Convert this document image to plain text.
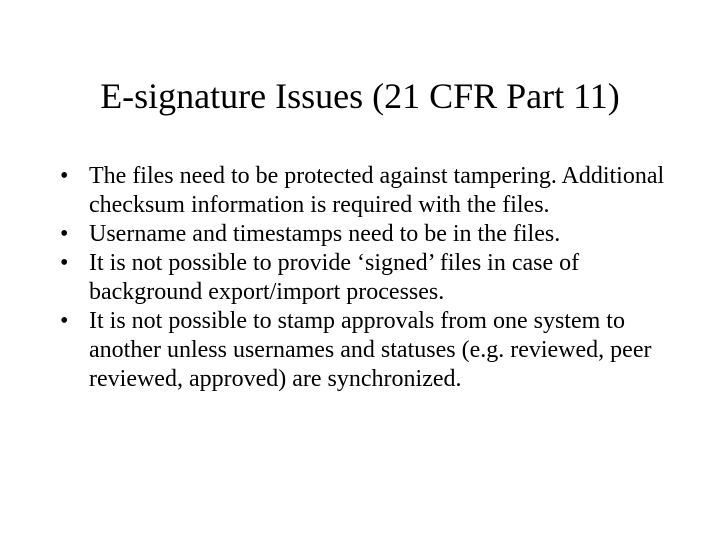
E-signature Issues (21 CFR Part 11)
• The files need to be protected against tampering. Additional checksum information is required with the files.
• Username and timestamps need to be in the files.
• It is not possible to provide ‘signed’ files in case of background export/import processes.
• It is not possible to stamp approvals from one system to another unless usernames and statuses (e.g. reviewed, peer reviewed, approved) are synchronized.
